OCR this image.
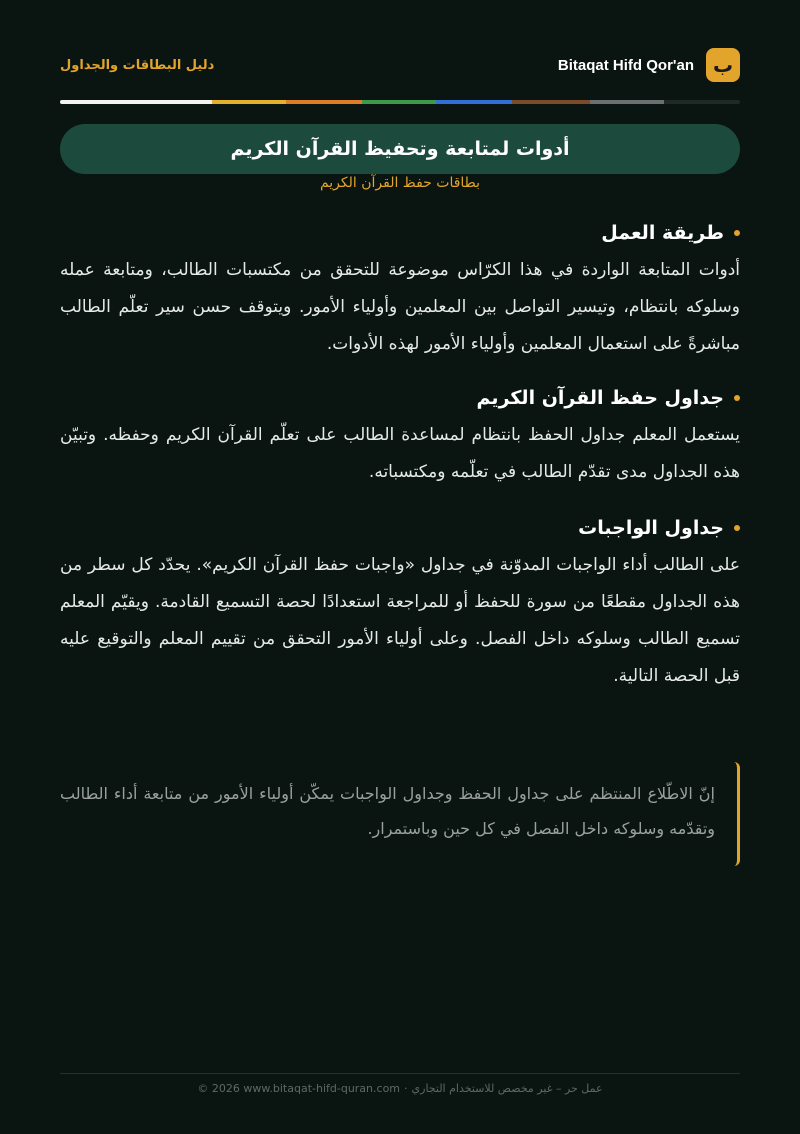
ب
Bitaqat Hifd Qor'an
دليل البطاقات والجداول
أدوات لمتابعة وتحفيظ القرآن الكريم
بطاقات حفظ القرآن الكريم
طريقة العمل

أدوات المتابعة الواردة في هذا الكرّاس موضوعة للتحقق من مكتسبات الطالب، ومتابعة عمله وسلوكه بانتظام، وتيسير التواصل بين المعلمين وأولياء الأمور. ويتوقف حسن سير تعلّم الطالب مباشرةً على استعمال المعلمين وأولياء الأمور لهذه الأدوات.

جداول حفظ القرآن الكريم

يستعمل المعلم جداول الحفظ بانتظام لمساعدة الطالب على تعلّم القرآن الكريم وحفظه. وتبيّن هذه الجداول مدى تقدّم الطالب في تعلّمه ومكتسباته.

جداول الواجبات

على الطالب أداء الواجبات المدوّنة في جداول «واجبات حفظ القرآن الكريم». يحدّد كل سطر من هذه الجداول مقطعًا من سورة للحفظ أو للمراجعة استعدادًا لحصة التسميع القادمة. ويقيّم المعلم تسميع الطالب وسلوكه داخل الفصل. وعلى أولياء الأمور التحقق من تقييم المعلم والتوقيع عليه قبل الحصة التالية.

إنّ الاطّلاع المنتظم على جداول الحفظ وجداول الواجبات يمكّن أولياء الأمور من متابعة أداء الطالب وتقدّمه وسلوكه داخل الفصل في كل حين وباستمرار.

عمل حر – غير مخصص للاستخدام التجاري·© 2026 www.bitaqat-hifd-quran.com
